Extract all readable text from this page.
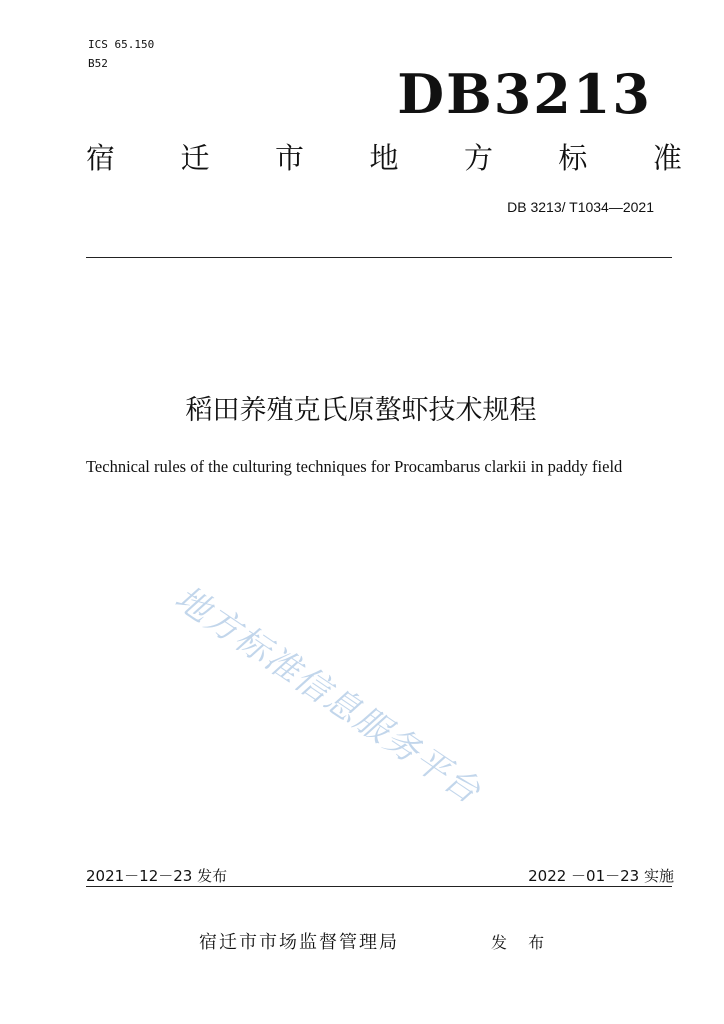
ICS 65.150
B52	DB3213
宿 迁 市 地 方 标 准
DB 3213/ T1034—2021
稻田养殖克氏原螯虾技术规程
Technical rules of the culturing techniques for Procambarus clarkii in paddy field
地方标准信息服务平台
2021－12－23 发布	2022 －01－23 实施
宿迁市市场监督管理局	发 布
